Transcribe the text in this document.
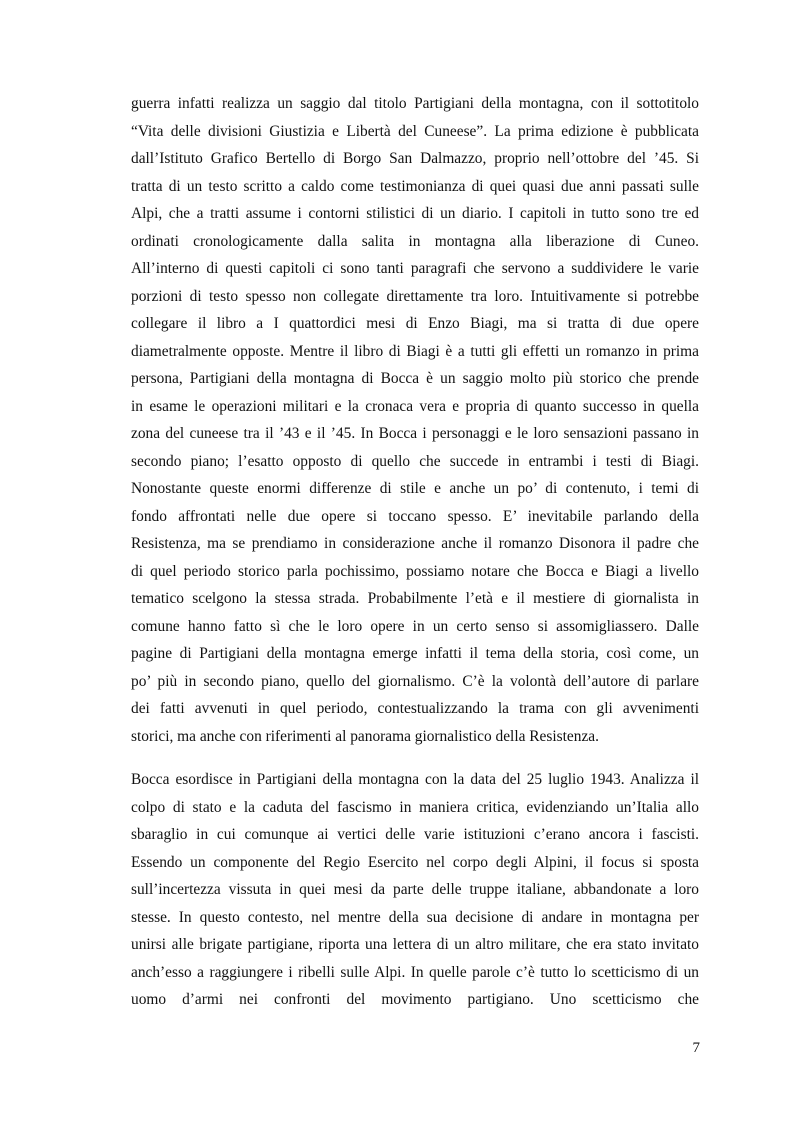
guerra infatti realizza un saggio dal titolo Partigiani della montagna, con il sottotitolo
“Vita delle divisioni Giustizia e Libertà del Cuneese”. La prima edizione è pubblicata
dall’Istituto Grafico Bertello di Borgo San Dalmazzo, proprio nell’ottobre del ’45. Si
tratta di un testo scritto a caldo come testimonianza di quei quasi due anni passati sulle
Alpi, che a tratti assume i contorni stilistici di un diario. I capitoli in tutto sono tre ed
ordinati cronologicamente dalla salita in montagna alla liberazione di Cuneo.
All’interno di questi capitoli ci sono tanti paragrafi che servono a suddividere le varie
porzioni di testo spesso non collegate direttamente tra loro. Intuitivamente si potrebbe
collegare il libro a I quattordici mesi di Enzo Biagi, ma si tratta di due opere
diametralmente opposte. Mentre il libro di Biagi è a tutti gli effetti un romanzo in prima
persona, Partigiani della montagna di Bocca è un saggio molto più storico che prende
in esame le operazioni militari e la cronaca vera e propria di quanto successo in quella
zona del cuneese tra il ’43 e il ’45. In Bocca i personaggi e le loro sensazioni passano in
secondo piano; l’esatto opposto di quello che succede in entrambi i testi di Biagi.
Nonostante queste enormi differenze di stile e anche un po’ di contenuto, i temi di
fondo affrontati nelle due opere si toccano spesso. E’ inevitabile parlando della
Resistenza, ma se prendiamo in considerazione anche il romanzo Disonora il padre che
di quel periodo storico parla pochissimo, possiamo notare che Bocca e Biagi a livello
tematico scelgono la stessa strada. Probabilmente l’età e il mestiere di giornalista in
comune hanno fatto sì che le loro opere in un certo senso si assomigliassero. Dalle
pagine di Partigiani della montagna emerge infatti il tema della storia, così come, un
po’ più in secondo piano, quello del giornalismo. C’è la volontà dell’autore di parlare
dei fatti avvenuti in quel periodo, contestualizzando la trama con gli avvenimenti
storici, ma anche con riferimenti al panorama giornalistico della Resistenza.
Bocca esordisce in Partigiani della montagna con la data del 25 luglio 1943. Analizza il
colpo di stato e la caduta del fascismo in maniera critica, evidenziando un’Italia allo
sbaraglio in cui comunque ai vertici delle varie istituzioni c’erano ancora i fascisti.
Essendo un componente del Regio Esercito nel corpo degli Alpini, il focus si sposta
sull’incertezza vissuta in quei mesi da parte delle truppe italiane, abbandonate a loro
stesse. In questo contesto, nel mentre della sua decisione di andare in montagna per
unirsi alle brigate partigiane, riporta una lettera di un altro militare, che era stato invitato
anch’esso a raggiungere i ribelli sulle Alpi. In quelle parole c’è tutto lo scetticismo di un
uomo d’armi nei confronti del movimento partigiano. Uno scetticismo che
7
